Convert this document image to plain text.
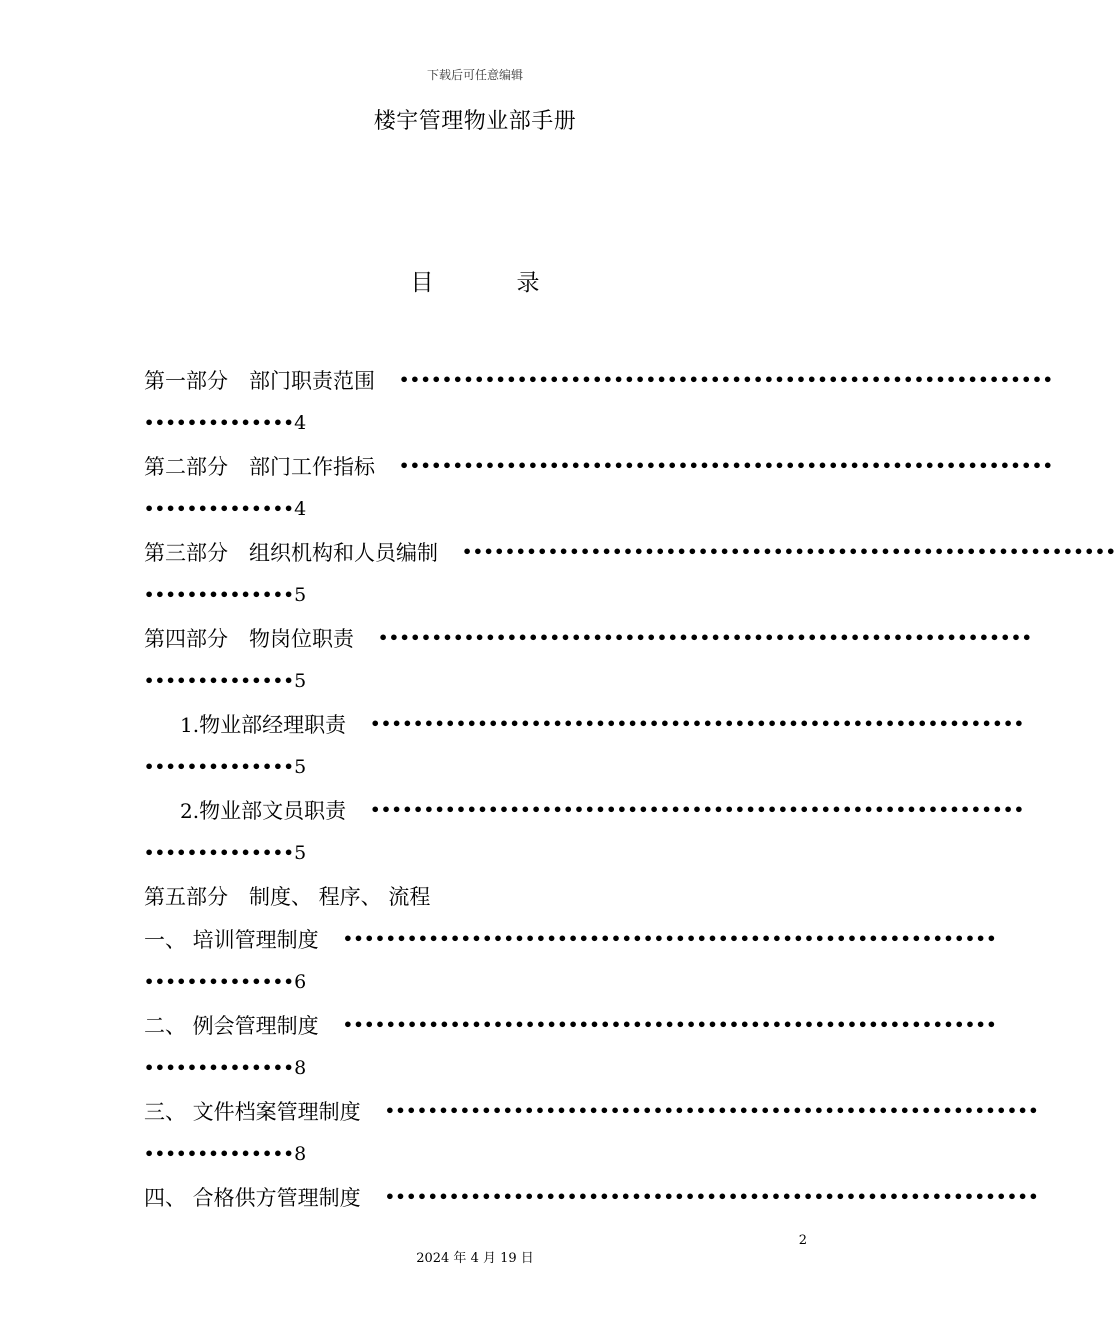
下载后可任意编辑
楼宇管理物业部手册
目　录
第一部分　部门职责范围 •••••••••••••••••••••••••••••••••••••••••••••••••••••••••••••
•••••••••••••• 4
第二部分　部门工作指标 •••••••••••••••••••••••••••••••••••••••••••••••••••••••••••••
•••••••••••••• 4
第三部分　组织机构和人员编制 •••••••••••••••••••••••••••••••••••••••••••••••••••••••••••••
•••••••••••••• 5
第四部分　物岗位职责 •••••••••••••••••••••••••••••••••••••••••••••••••••••••••••••
•••••••••••••• 5
1.物业部经理职责 •••••••••••••••••••••••••••••••••••••••••••••••••••••••••••••
•••••••••••••• 5
2.物业部文员职责 •••••••••••••••••••••••••••••••••••••••••••••••••••••••••••••
•••••••••••••• 5
第五部分　制度、 程序、 流程
一、 培训管理制度 •••••••••••••••••••••••••••••••••••••••••••••••••••••••••••••
•••••••••••••• 6
二、 例会管理制度 •••••••••••••••••••••••••••••••••••••••••••••••••••••••••••••
•••••••••••••• 8
三、 文件档案管理制度 •••••••••••••••••••••••••••••••••••••••••••••••••••••••••••••
•••••••••••••• 8
四、 合格供方管理制度 •••••••••••••••••••••••••••••••••••••••••••••••••••••••••••••
2
2024 年 4 月 19 日
